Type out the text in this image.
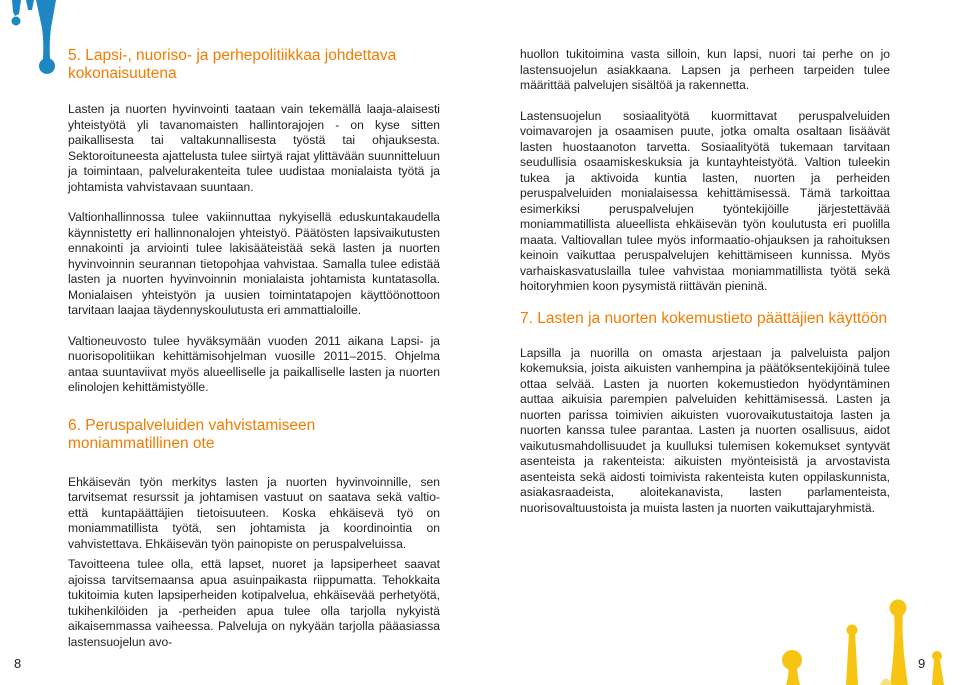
5. Lapsi-, nuoriso- ja perhepolitiikkaa johdettava kokonaisuutena

Lasten ja nuorten hyvinvointi taataan vain tekemällä laaja-alaisesti yhteistyötä yli tavanomaisten hallintorajojen - on kyse sitten paikallisesta tai valtakunnallisesta työstä tai ohjauksesta. Sektoroituneesta ajattelusta tulee siirtyä rajat ylittävään suunnitteluun ja toimintaan, palvelurakenteita tulee uudistaa monialaista työtä ja johtamista vahvistavaan suuntaan.

Valtionhallinnossa tulee vakiinnuttaa nykyisellä eduskuntakaudella käynnistetty eri hallinnonalojen yhteistyö. Päätösten lapsivaikutusten ennakointi ja arviointi tulee lakisääteistää sekä lasten ja nuorten hyvinvoinnin seurannan tietopohjaa vahvistaa. Samalla tulee edistää lasten ja nuorten hyvinvoinnin monialaista johtamista kuntatasolla. Monialaisen yhteistyön ja uusien toimintatapojen käyttöönottoon tarvitaan laajaa täydennyskoulutusta eri ammattialoille.

Valtioneuvosto tulee hyväksymään vuoden 2011 aikana Lapsi- ja nuorisopolitiikan kehittämisohjelman vuosille 2011–2015. Ohjelma antaa suuntaviivat myös alueelliselle ja paikalliselle lasten ja nuorten elinolojen kehittämistyölle.

6. Peruspalveluiden vahvistamiseen moniammatillinen ote

Ehkäisevän työn merkitys lasten ja nuorten hyvinvoinnille, sen tarvitsemat resurssit ja johtamisen vastuut on saatava sekä valtio- että kuntapäättäjien tietoisuuteen. Koska ehkäisevä työ on moniammatillista työtä, sen johtamista ja koordinointia on vahvistettava. Ehkäisevän työn painopiste on peruspalveluissa.

Tavoitteena tulee olla, että lapset, nuoret ja lapsiperheet saavat ajoissa tarvitsemaansa apua asuinpaikasta riippumatta. Tehokkaita tukitoimia kuten lapsiperheiden kotipalvelua, ehkäisevää perhetyötä, tukihenkilöiden ja -perheiden apua tulee olla tarjolla nykyistä aikaisemmassa vaiheessa. Palveluja on nykyään tarjolla pääasiassa lastensuojelun avo-

huollon tukitoimina vasta silloin, kun lapsi, nuori tai perhe on jo lastensuojelun asiakkaana. Lapsen ja perheen tarpeiden tulee määrittää palvelujen sisältöä ja rakennetta.

Lastensuojelun sosiaalityötä kuormittavat peruspalveluiden voimavarojen ja osaamisen puute, jotka omalta osaltaan lisäävät lasten huostaanoton tarvetta. Sosiaalityötä tukemaan tarvitaan seudullisia osaamiskeskuksia ja kuntayhteistyötä. Valtion tuleekin tukea ja aktivoida kuntia lasten, nuorten ja perheiden peruspalveluiden monialaisessa kehittämisessä. Tämä tarkoittaa esimerkiksi peruspalvelujen työntekijöille järjestettävää moniammatillista alueellista ehkäisevän työn koulutusta eri puolilla maata. Valtiovallan tulee myös informaatio-ohjauksen ja rahoituksen keinoin vaikuttaa peruspalvelujen kehittämiseen kunnissa. Myös varhaiskasvatuslailla tulee vahvistaa moniammatillista työtä sekä hoitoryhmien koon pysymistä riittävän pieninä.

7. Lasten ja nuorten kokemustieto päättäjien käyttöön

Lapsilla ja nuorilla on omasta arjestaan ja palveluista paljon kokemuksia, joista aikuisten vanhempina ja päätöksentekijöinä tulee ottaa selvää. Lasten ja nuorten kokemustiedon hyödyntäminen auttaa aikuisia parempien palveluiden kehittämisessä. Lasten ja nuorten parissa toimivien aikuisten vuorovaikutustaitoja lasten ja nuorten kanssa tulee parantaa. Lasten ja nuorten osallisuus, aidot vaikutusmahdollisuudet ja kuulluksi tulemisen kokemukset syntyvät asenteista ja rakenteista: aikuisten myönteisistä ja arvostavista asenteista sekä aidosti toimivista rakenteista kuten oppilaskunnista, asiakasraadeista, aloitekanavista, lasten parlamenteista, nuorisovaltuustoista ja muista lasten ja nuorten vaikuttajaryhmistä.

8	9
